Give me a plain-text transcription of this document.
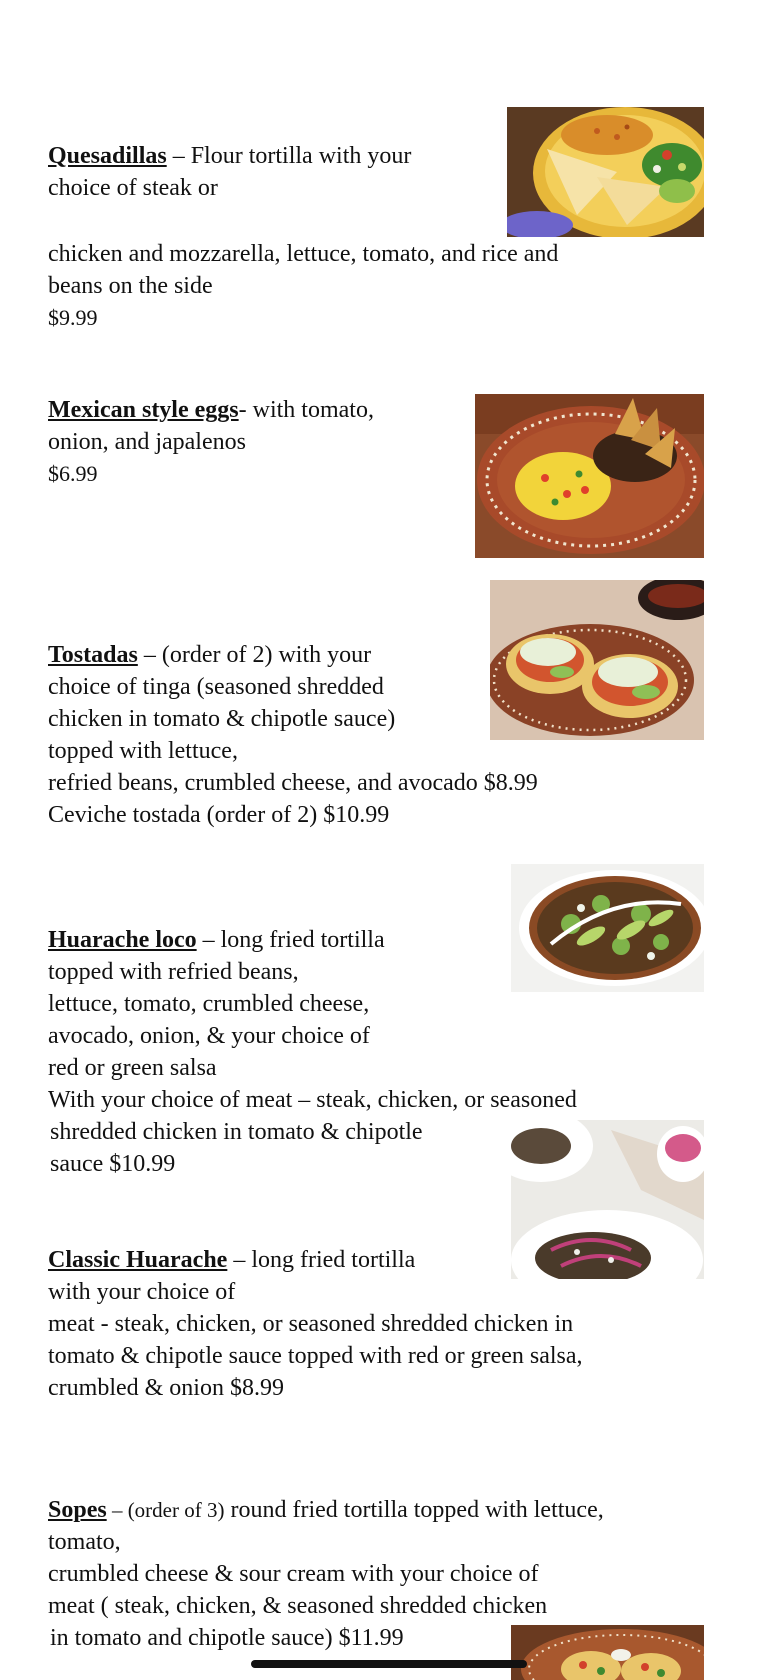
Quesadillas – Flour tortilla with your
choice of steak or
chicken and mozzarella, lettuce, tomato, and rice and
beans on the side
$9.99
Mexican style eggs- with tomato,
onion, and japalenos
$6.99
Tostadas – (order of 2) with your
choice of tinga (seasoned shredded
chicken in tomato & chipotle sauce)
topped with lettuce,
refried beans, crumbled cheese, and avocado $8.99
Ceviche tostada (order of 2) $10.99
Huarache loco – long fried tortilla
topped with refried beans,
lettuce, tomato, crumbled cheese,
avocado, onion, & your choice of
red or green salsa
With your choice of meat – steak, chicken, or seasoned
shredded chicken in tomato & chipotle
sauce $10.99
Classic Huarache – long fried tortilla
with your choice of
meat - steak, chicken, or seasoned shredded chicken in
tomato & chipotle sauce topped with red or green salsa,
crumbled & onion $8.99
Sopes – (order of 3) round fried tortilla topped with lettuce,
tomato,
crumbled cheese & sour cream with your choice of
meat ( steak, chicken, & seasoned shredded chicken
in tomato and chipotle sauce) $11.99
